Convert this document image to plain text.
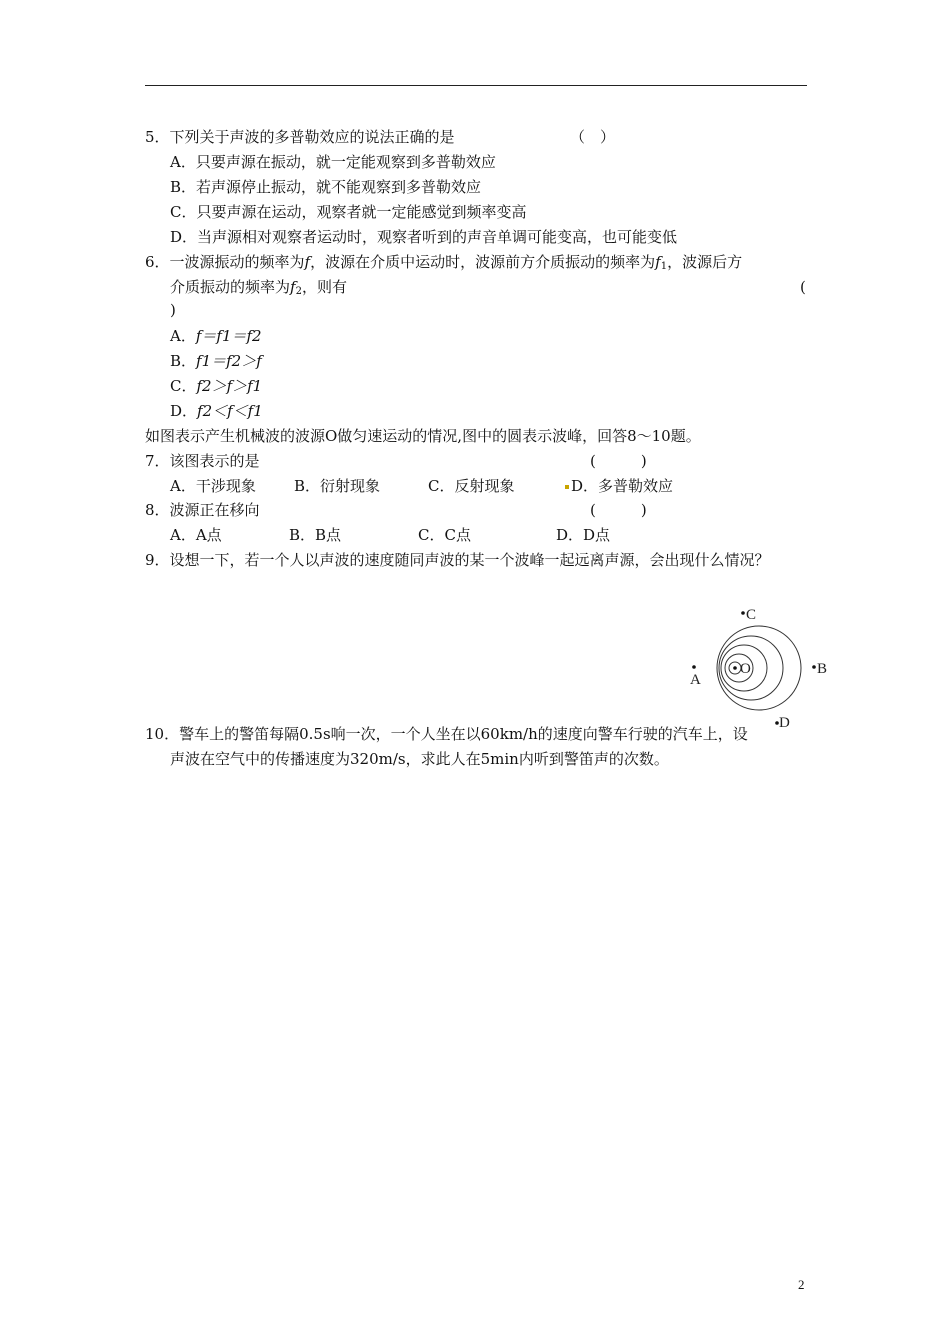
5．下列关于声波的多普勒效应的说法正确的是	（　）
A．只要声源在振动，就一定能观察到多普勒效应
B．若声源停止振动，就不能观察到多普勒效应
C．只要声源在运动，观察者就一定能感觉到频率变高
D．当声源相对观察者运动时，观察者听到的声音单调可能变高，也可能变低
6．一波源振动的频率为f，波源在介质中运动时，波源前方介质振动的频率为$f_1$，波源后方
介质振动的频率为$f_2$，则有	(
)
A．f＝f1＝f2
B．f1＝f2＞f
C．f2＞f＞f1
D．f2＜f＜f1
如图表示产生机械波的波源O做匀速运动的情况,图中的圆表示波峰，回答8～10题。
7．该图表示的是	(　　　)
A．干涉现象	B．衍射现象	C．反射现象	D．多普勒效应
8．波源正在移向	(　　　)
A．A点	B．B点	C．C点	D．D点
9．设想一下，若一个人以声波的速度随同声波的某一个波峰一起远离声源，会出现什么情况？
O
A
B
C
D
10．警车上的警笛每隔0.5s响一次，一个人坐在以60km/h的速度向警车行驶的汽车上，设
声波在空气中的传播速度为320m/s，求此人在5min内听到警笛声的次数。
2
